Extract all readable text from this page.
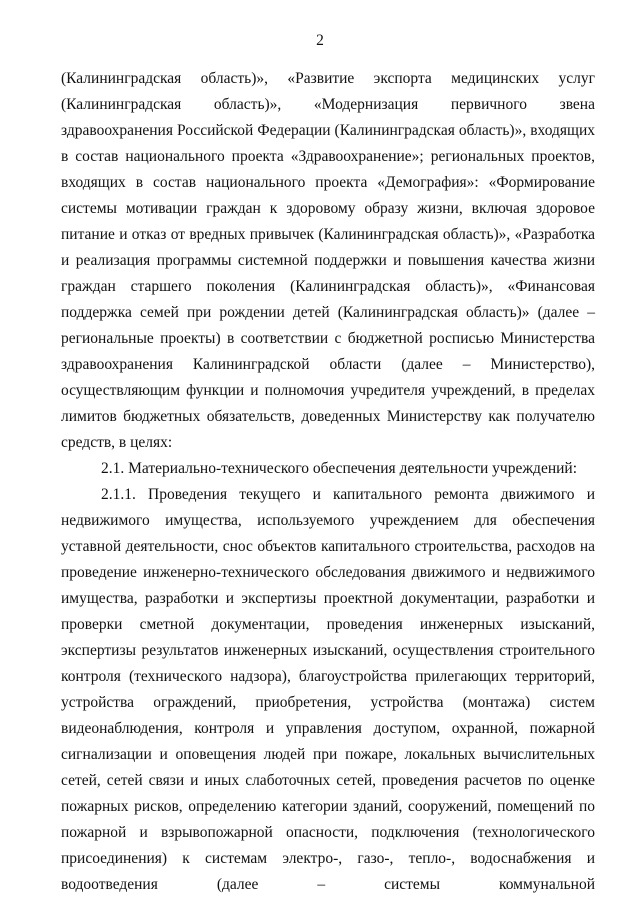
2

(Калининградская область)», «Развитие экспорта медицинских услуг (Калининградская область)», «Модернизация первичного звена здравоохранения Российской Федерации (Калининградская область)», входящих в состав национального проекта «Здравоохранение»; региональных проектов, входящих в состав национального проекта «Демография»: «Формирование системы мотивации граждан к здоровому образу жизни, включая здоровое питание и отказ от вредных привычек (Калининградская область)», «Разработка и реализация программы системной поддержки и повышения качества жизни граждан старшего поколения (Калининградская область)», «Финансовая поддержка семей при рождении детей (Калининградская область)» (далее – региональные проекты) в соответствии с бюджетной росписью Министерства здравоохранения Калининградской области (далее – Министерство), осуществляющим функции и полномочия учредителя учреждений, в пределах лимитов бюджетных обязательств, доведенных Министерству как получателю средств, в целях:

2.1. Материально-технического обеспечения деятельности учреждений:

2.1.1. Проведения текущего и капитального ремонта движимого и недвижимого имущества, используемого учреждением для обеспечения уставной деятельности, снос объектов капитального строительства, расходов на проведение инженерно-технического обследования движимого и недвижимого имущества, разработки и экспертизы проектной документации, разработки и проверки сметной документации, проведения инженерных изысканий, экспертизы результатов инженерных изысканий, осуществления строительного контроля (технического надзора), благоустройства прилегающих территорий, устройства ограждений, приобретения, устройства (монтажа) систем видеонаблюдения, контроля и управления доступом, охранной, пожарной сигнализации и оповещения людей при пожаре, локальных вычислительных сетей, сетей связи и иных слаботочных сетей, проведения расчетов по оценке пожарных рисков, определению категории зданий, сооружений, помещений по пожарной и взрывопожарной опасности, подключения (технологического присоединения) к системам электро-, газо-, тепло-, водоснабжения и водоотведения (далее – системы коммунальной
